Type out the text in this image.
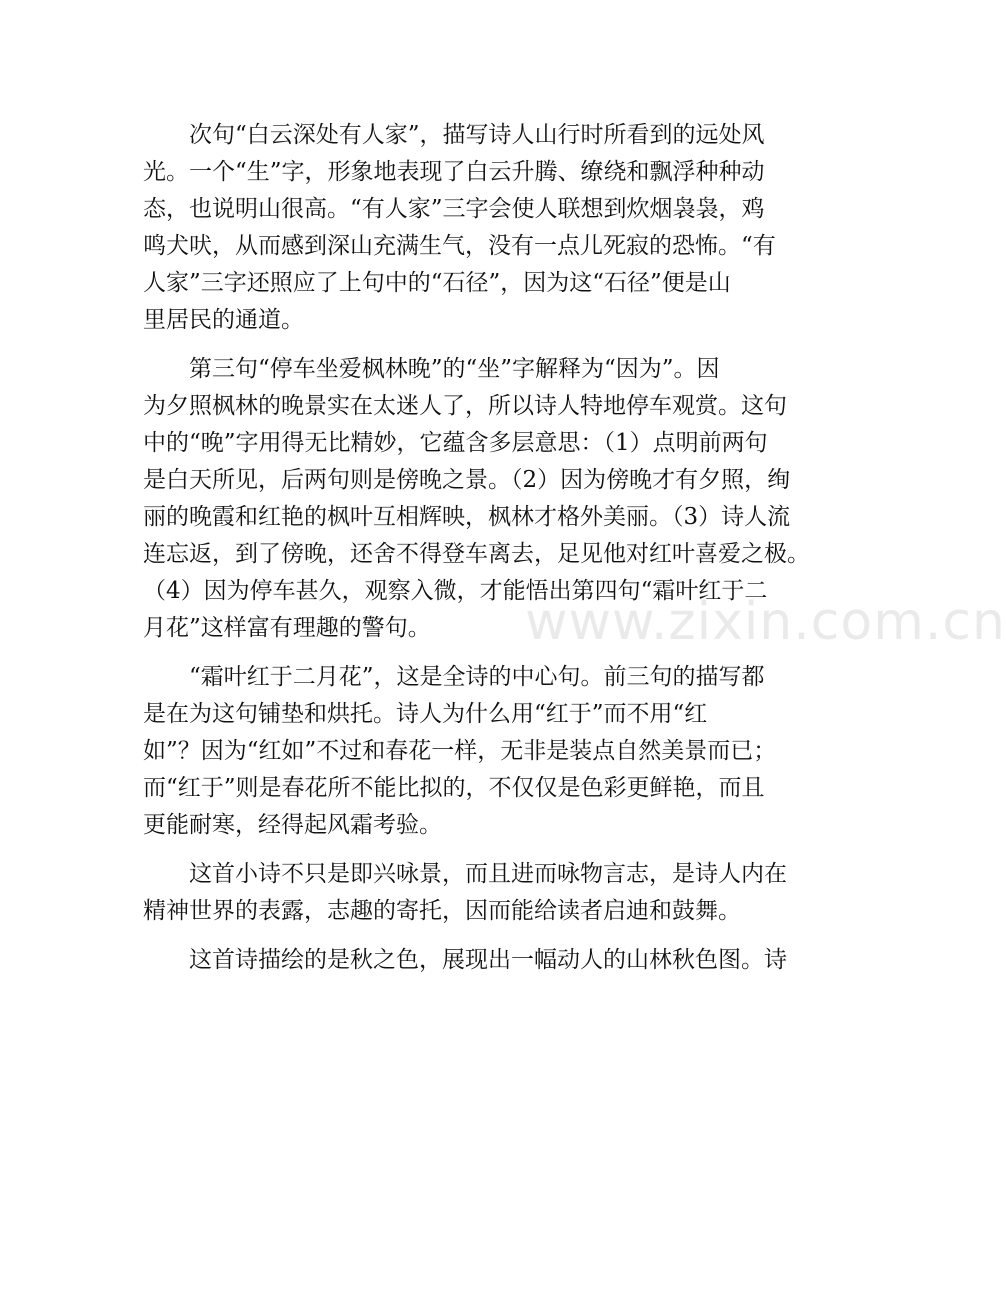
　　次句“白云深处有人家”，描写诗人山行时所看到的远处风
光。一个“生”字，形象地表现了白云升腾、缭绕和飘浮种种动
态，也说明山很高。“有人家”三字会使人联想到炊烟袅袅，鸡
鸣犬吠，从而感到深山充满生气，没有一点儿死寂的恐怖。“有
人家”三字还照应了上句中的“石径”，因为这“石径”便是山
里居民的通道。
　　第三句“停车坐爱枫林晚”的“坐”字解释为“因为”。因
为夕照枫林的晚景实在太迷人了，所以诗人特地停车观赏。这句
中的“晚”字用得无比精妙，它蕴含多层意思：（1）点明前两句
是白天所见，后两句则是傍晚之景。（2）因为傍晚才有夕照，绚
丽的晚霞和红艳的枫叶互相辉映，枫林才格外美丽。（3）诗人流
连忘返，到了傍晚，还舍不得登车离去，足见他对红叶喜爱之极。
（4）因为停车甚久，观察入微，才能悟出第四句“霜叶红于二
月花”这样富有理趣的警句。
　　“霜叶红于二月花”，这是全诗的中心句。前三句的描写都
是在为这句铺垫和烘托。诗人为什么用“红于”而不用“红
如”？因为“红如”不过和春花一样，无非是装点自然美景而已；
而“红于”则是春花所不能比拟的，不仅仅是色彩更鲜艳，而且
更能耐寒，经得起风霜考验。
　　这首小诗不只是即兴咏景，而且进而咏物言志，是诗人内在
精神世界的表露，志趣的寄托，因而能给读者启迪和鼓舞。
　　这首诗描绘的是秋之色，展现出一幅动人的山林秋色图。诗
www.zixin.com.cn
